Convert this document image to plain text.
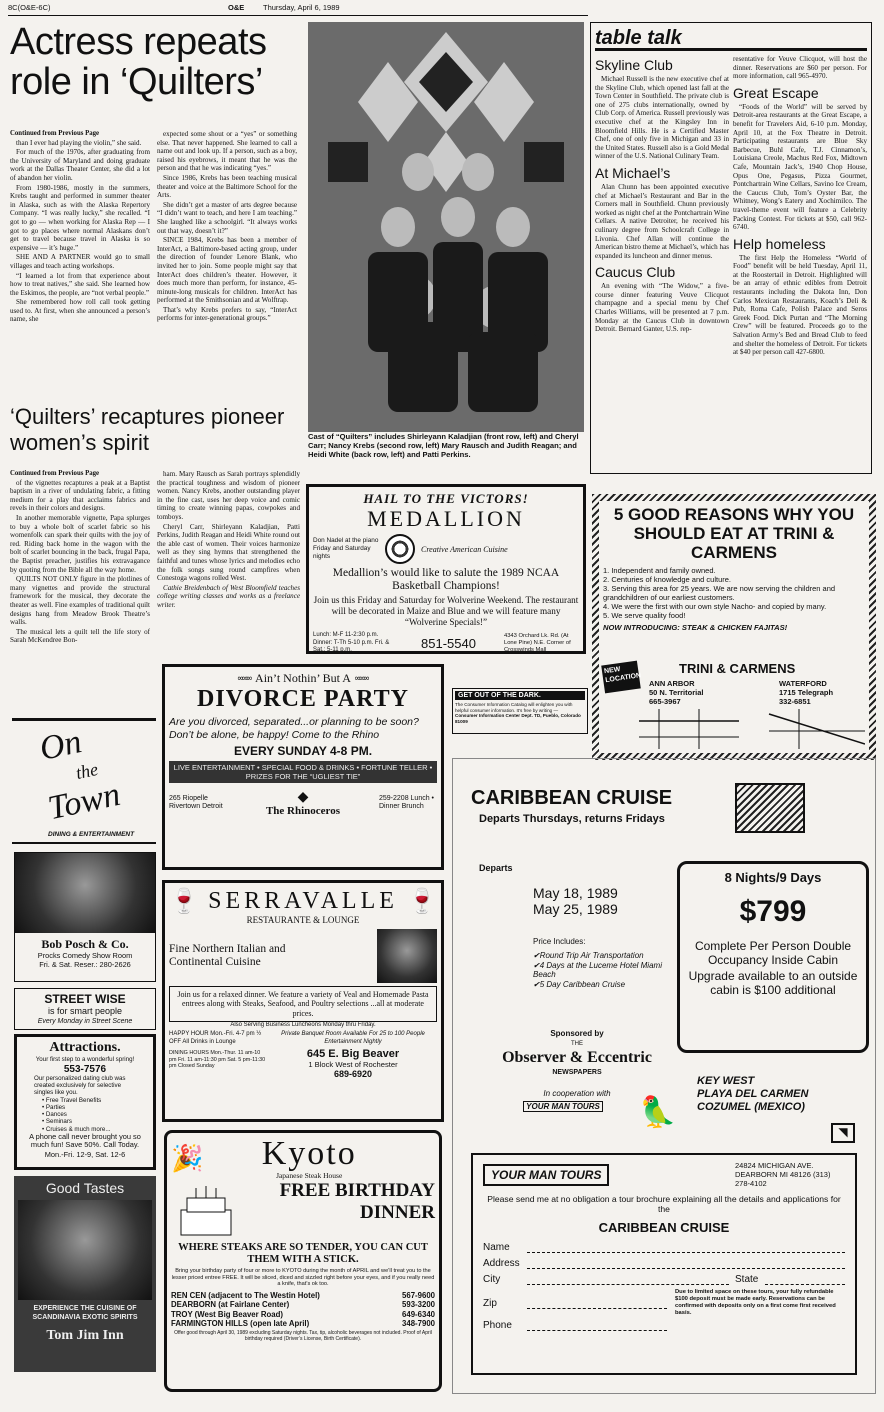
8C(O&E-6C)	O&E Thursday, April 6, 1989
Actress repeats role in ‘Quilters’
Continued from Previous Page

than I ever had playing the violin,” she said.

For much of the 1970s, after graduating from the University of Maryland and doing graduate work at the Dallas Theater Center, she did a lot of abandon her violin.

From 1980-1986, mostly in the summers, Krebs taught and performed in summer theater in Alaska, such as with the Alaska Repertory Company. “I was really lucky,” she recalled. “I got to go — when working for Alaska Rep — I got to go places where normal Alaskans don’t get to travel because travel in Alaska is so expensive — it’s huge.”

SHE AND A PARTNER would go to small villages and teach acting workshops.

“I learned a lot from that experience about how to treat natives,” she said. She learned how the Eskimos, the people, are “not verbal people.”

She remembered how roll call took getting used to. At first, when she announced a person’s name, she

expected some shout or a “yes” or something else. That never happened. She learned to call a name out and look up. If a person, such as a boy, raised his eyebrows, it meant that he was the person and that he was indicating “yes.”

Since 1986, Krebs has been teaching musical theater and voice at the Baltimore School for the Arts.

She didn’t get a master of arts degree because “I didn’t want to teach, and here I am teaching.” She laughed like a schoolgirl. “It always works out that way, doesn’t it?”

SINCE 1984, Krebs has been a member of InterAct, a Baltimore-based acting group, under the direction of founder Lenore Blank, who invited her to join. Some people might say that InterAct does children’s theater. However, it does much more than perform, for instance, 45-minute-long musicals for children. InterAct has performed at the Smithsonian and at Wolftrap.

That’s why Krebs prefers to say, “InterAct performs for inter-generational groups.”

Cast of “Quilters” includes Shirleyann Kaladjian (front row, left) and Cheryl Carr; Nancy Krebs (second row, left) Mary Rausch and Judith Reagan; and Heidi White (back row, left) and Patti Perkins.
‘Quilters’ recaptures pioneer women’s spirit
Continued from Previous Page

of the vignettes recaptures a peak at a Baptist baptism in a river of undulating fabric, a fitting medium for a play that acclaims fabrics and revels in their colors and designs.

In another memorable vignette, Papa splurges to buy a whole bolt of scarlet fabric so his womenfolk can spark their quilts with the joy of red. Riding back home in the wagon with the bolt of scarlet bouncing in the back, frugal Papa, the Baptist preacher, justifies his extravagance by quoting from the Bible all the way home.

QUILTS NOT ONLY figure in the plotlines of many vignettes and provide the structural framework for the musical, they decorate the theater as well. Fine examples of traditional quilt designs hang from Meadow Brook Theatre’s walls.

The musical lets a quilt tell the life story of Sarah McKendree Bon-

ham. Mary Rausch as Sarah portrays splendidly the practical toughness and wisdom of pioneer women. Nancy Krebs, another outstanding player in the fine cast, uses her deep voice and comic timing to create winning papas, cowpokes and tomboys.

Cheryl Carr, Shirleyann Kaladjian, Patti Perkins, Judith Reagan and Heidi White round out the able cast of women. Their voices harmonize well as they sing hymns that strengthened the faithful and tunes whose lyrics and melodies echo the folk songs sung round campfires when Conestoga wagons rolled West.

Cathie Breidenbach of West Bloomfield teaches college writing classes and works as a freelance writer.

table talk
Skyline Club

Michael Russell is the new executive chef at the Skyline Club, which opened last fall at the Town Center in Southfield. The private club is one of 275 clubs internationally, owned by Club Corp. of America. Russell previously was executive chef at the Kingsley Inn in Bloomfield Hills. He is a Certified Master Chef, one of only five in Michigan and 33 in the United States. Russell also is a Gold Medal winner of the U.S. National Culinary Team.

At Michael’s

Alan Chunn has been appointed executive chef at Michael’s Restaurant and Bar in the Corners mall in Southfield. Chunn previously worked as night chef at the Pontchartrain Wine Cellars. A native Detroiter, he received his culinary degree from Schoolcraft College in Livonia. Chef Allan will continue the American bistro theme at Michael’s, which has expanded its luncheon and dinner menus.

Caucus Club

An evening with “The Widow,” a five-course dinner featuring Veuve Clicquot champagne and a special menu by Chef Charles Williams, will be presented at 7 p.m. Monday at the Caucus Club in downtown Detroit. Bernard Ganter, U.S. rep-

resentative for Veuve Clicquot, will host the dinner. Reservations are $60 per person. For more information, call 965-4970.

Great Escape

“Foods of the World” will be served by Detroit-area restaurants at the Great Escape, a benefit for Travelers Aid, 6-10 p.m. Monday, April 10, at the Fox Theatre in Detroit. Participating restaurants are Blue Sky Barbecue, Buhl Cafe, T.J. Cinnamon’s, Louisiana Creole, Machus Red Fox, Midtown Cafe, Mountain Jack’s, 1940 Chop House, Opus One, Pegasus, Pizza Gourmet, Pontchartrain Wine Cellars, Savino Ice Cream, the Caucus Club, Tom’s Oyster Bar, the Whitney, Wong’s Eatery and Xochimilco. The travel-theme event will feature a Celebrity Packing Contest. For tickets at $50, call 962-6740.

Help homeless

The first Help the Homeless “World of Food” benefit will be held Tuesday, April 11, at the Roostertail in Detroit. Highlighted will be an array of ethnic edibles from Detroit restaurants including the Dakota Inn, Don Carlos Mexican Restaurants, Koach’s Deli & Pub, Roma Cafe, Polish Palace and Seros Greek Food. Dick Purtan and “The Morning Crew” will be featured. Proceeds go to the Salvation Army’s Bed and Bread Club to feed and shelter the homeless of Detroit. For tickets at $40 per person call 427-6800.

HAIL TO THE VICTORS!
MEDALLION
Don Nadel at the piano Friday and Saturday nights
Creative American Cuisine
Medallion’s would like to salute the 1989 NCAA Basketball Champions!
Join us this Friday and Saturday for Wolverine Weekend. The restaurant will be decorated in Maize and Blue and we will feature many “Wolverine Specials!”
Lunch: M-F 11-2:30 p.m. Dinner: T-Th 5-10 p.m. Fri. & Sat.: 5-11 p.m.	851-5540	4343 Orchard Lk. Rd. (At Lone Pine) N.E. Corner of Crosswinds Mall
5 GOOD REASONS WHY YOU SHOULD EAT AT TRINI & CARMENS
1. Independent and family owned.
2. Centuries of knowledge and culture.
3. Serving this area for 25 years. We are now serving the children and grandchildren of our earliest customers.
4. We were the first with our own style Nacho- and copied by many.
5. We serve quality food!
NOW INTRODUCING: STEAK & CHICKEN FAJITAS!
NEW LOCATION
TRINI & CARMENS
ANN ARBOR
50 N. Territorial
665-3967
WATERFORD
1715 Telegraph
332-6851
∞∞∞ Ain’t Nothin’ But A ∞∞∞
DIVORCE PARTY
Are you divorced, separated...or planning to be soon? Don’t be alone, be happy! Come to the Rhino
EVERY SUNDAY 4-8 PM.
LIVE ENTERTAINMENT • SPECIAL FOOD & DRINKS • FORTUNE TELLER • PRIZES FOR THE “UGLIEST TIE”
265 Riopelle Rivertown Detroit
◆
The Rhinoceros
259-2208 Lunch • Dinner Brunch
GET OUT OF THE DARK.
The Consumer Information Catalog will enlighten you with helpful consumer information. It’s free by writing —
Consumer Information Center Dept. TD, Pueblo, Colorado 81009
On
the
Town
DINING & ENTERTAINMENT
Bob Posch & Co.
Procks Comedy Show Room
Fri. & Sat. Reser.: 280-2626
STREET WISE
is for smart people
Every Monday in Street Scene
Attractions.
Your first step to a wonderful spring!
553-7576
Our personalized dating club was created exclusively for selective singles like you.
• Free Travel Benefits
• Parties
• Dances
• Seminars
• Cruises & much more...
A phone call never brought you so much fun! Save 50%. Call Today.
Mon.-Fri. 12-9, Sat. 12-6
Good Tastes
EXPERIENCE THE CUISINE OF SCANDINAVIA EXOTIC SPIRITS
Tom Jim Inn
🍷 SERRAVALLE 🍷
RESTAURANTE & LOUNGE
Fine Northern Italian and Continental Cuisine
Join us for a relaxed dinner. We feature a variety of Veal and Homemade Pasta entrees along with Steaks, Seafood, and Poultry selections ...all at moderate prices.
Also Serving Business Luncheons Monday thru Friday.
HAPPY HOUR Mon.-Fri. 4-7 pm ½ OFF All Drinks in Lounge
DINING HOURS Mon.-Thur. 11 am-10 pm Fri. 11 am-11:30 pm Sat. 5 pm-11:30 pm Closed Sunday
Private Banquet Room Available For 25 to 100 People Entertainment Nightly
645 E. Big Beaver
1 Block West of Rochester
689-6920
🎉 Kyoto
Japanese Steak House
FREE BIRTHDAY DINNER
WHERE STEAKS ARE SO TENDER, YOU CAN CUT THEM WITH A STICK.
Bring your birthday party of four or more to KYOTO during the month of APRIL and we’ll treat you to the lesser priced entree FREE. It will be sliced, diced and sizzled right before your eyes, and if you really need a knife, that’s ok too.
REN CEN (adjacent to The Westin Hotel)	567-9600
DEARBORN (at Fairlane Center)	593-3200
TROY (West Big Beaver Road)	649-6340
FARMINGTON HILLS (open late April)	348-7900
Offer good through April 30, 1989 excluding Saturday nights. Tax, tip, alcoholic beverages not included. Proof of April birthday required (Driver’s License, Birth Certificate).
CARIBBEAN CRUISE
Departs Thursdays, returns Fridays
Departs
May 18, 1989
May 25, 1989
Price Includes:
✔Round Trip Air Transportation
✔4 Days at the Luceme Hotel Miami Beach
✔5 Day Caribbean Cruise
8 Nights/9 Days
$799
Complete Per Person Double Occupancy Inside Cabin
Upgrade available to an outside cabin is $100 additional
Sponsored by
THE
Observer & Eccentric
NEWSPAPERS
In cooperation with
YOUR MAN TOURS 🦜
KEY WEST
PLAYA DEL CARMEN
COZUMEL (MEXICO)
◥
YOUR MAN TOURS
24824 MICHIGAN AVE. DEARBORN MI 48126 (313) 278-4102
Please send me at no obligation a tour brochure explaining all the details and applications for the
CARIBBEAN CRUISE
Name
Address
City	State
Zip
Due to limited space on these tours, your fully refundable $100 deposit must be made early. Reservations can be confirmed with deposits only on a first come first received basis.
Phone
